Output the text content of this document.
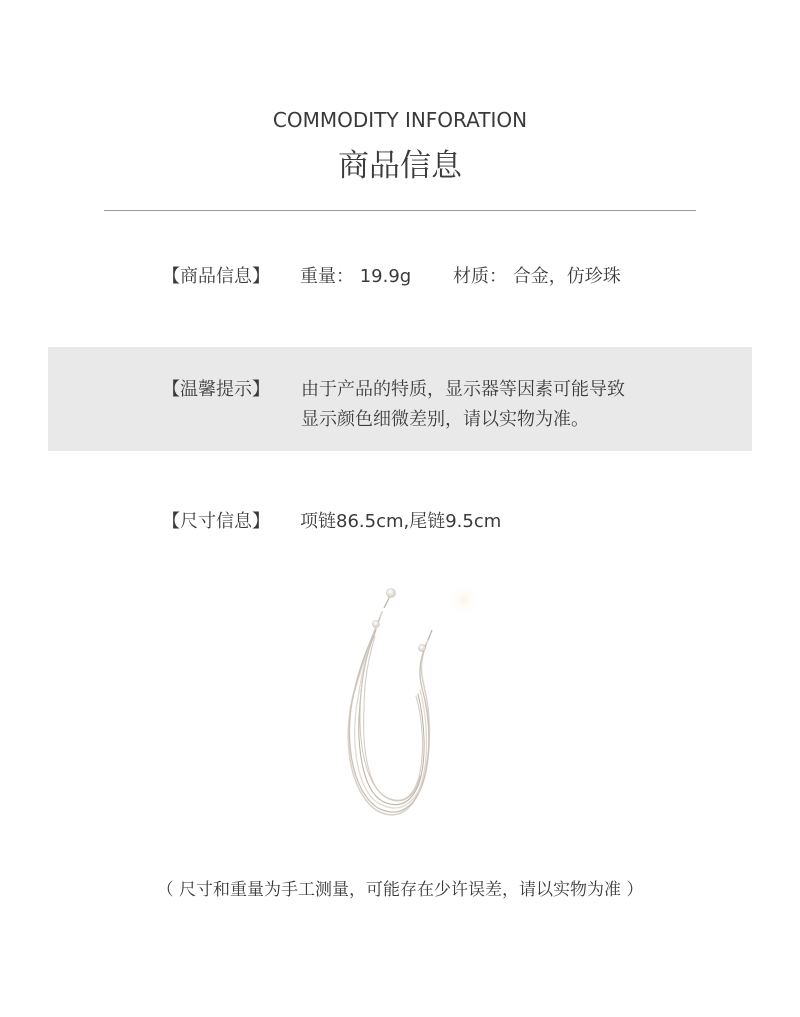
COMMODITY INFORATION
商品信息
【商品信息】 重量： 19.9g 材质： 合金，仿珍珠
【温馨提示】 由于产品的特质，显示器等因素可能导致
显示颜色细微差别，请以实物为准。
【尺寸信息】 项链86.5cm,尾链9.5cm
（ 尺寸和重量为手工测量，可能存在少许误差，请以实物为准 ）
